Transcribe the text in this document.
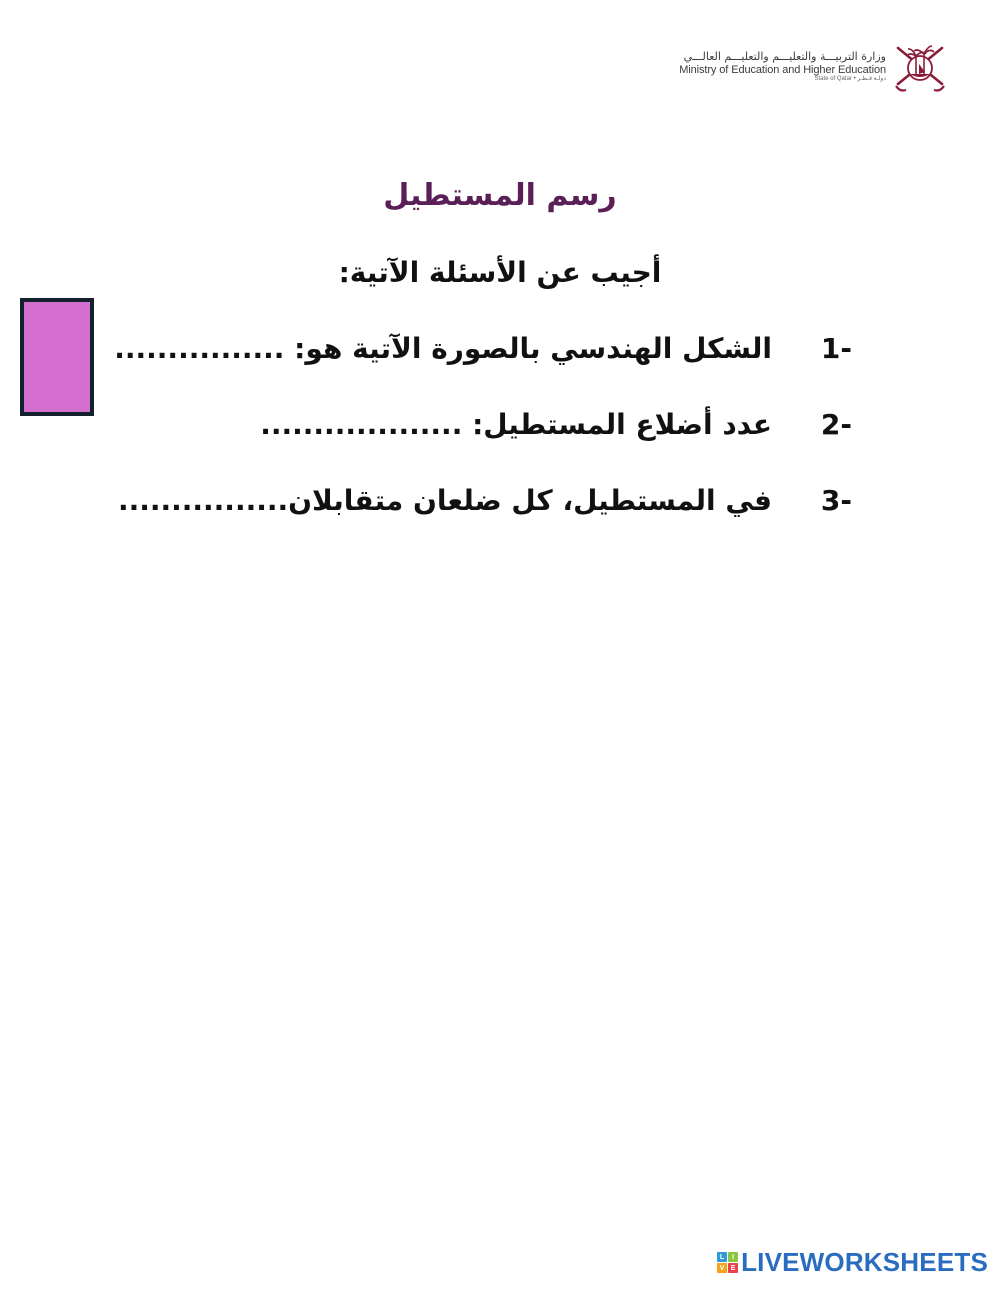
وزارة التربيـــة والتعليـــم والتعليـــم العالـــي
Ministry of Education and Higher Education
State of Qatar • دولـة قـطـر
رسم المستطيل
أجيب عن الأسئلة الآتية:
1-
الشكل الهندسي بالصورة الآتية هو: ................
2-
عدد أضلاع المستطيل: ...................
3-
في المستطيل، كل ضلعان متقابلان................
L	I
V E LIVEWORKSHEETS
